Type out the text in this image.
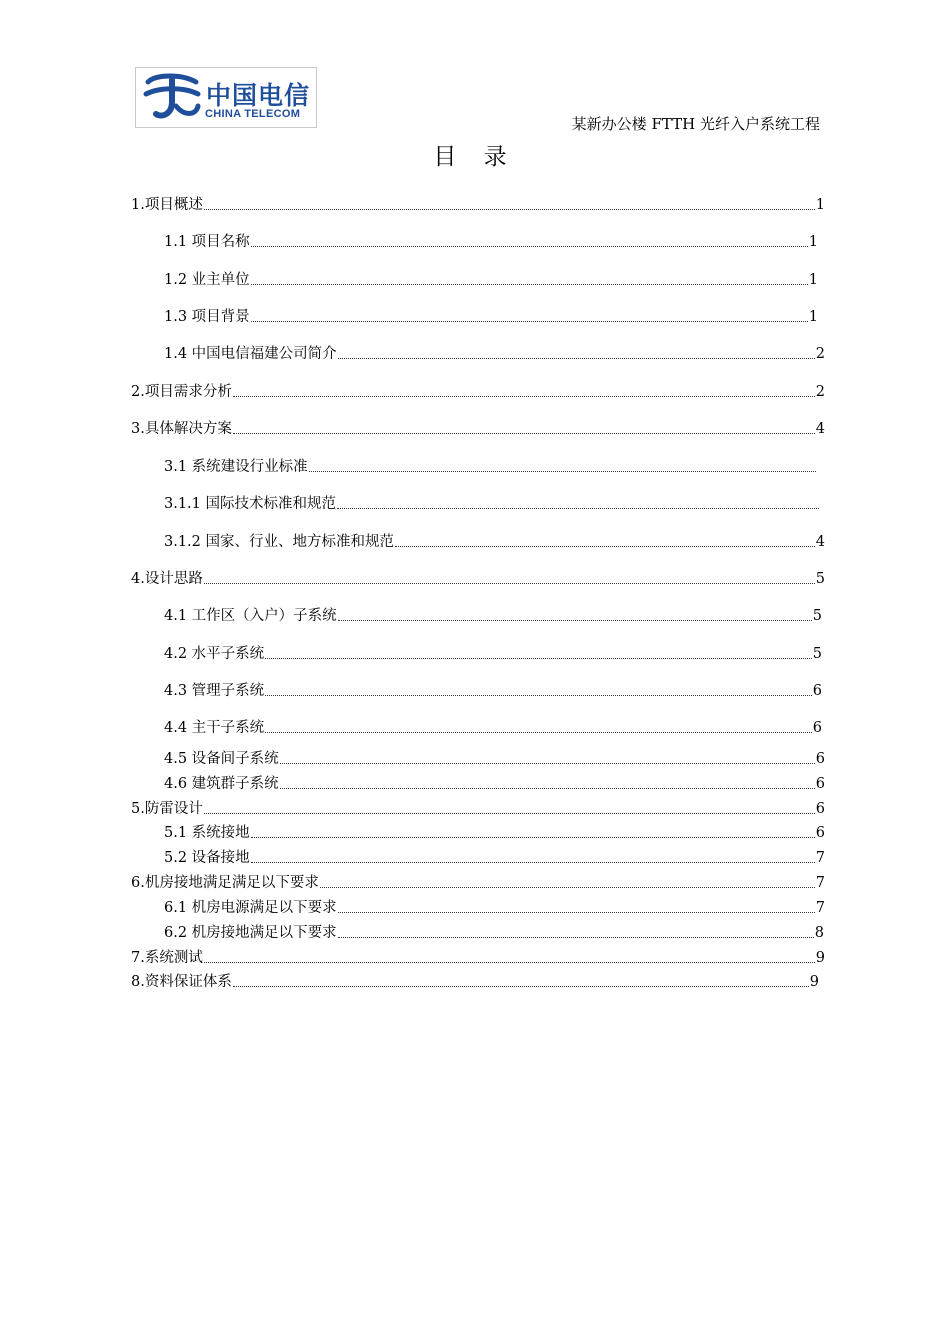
中国电信
CHINA TELECOM
某新办公楼 FTTH 光纤入户系统工程
目 录
1.项目概述	1
1.1 项目名称	1
1.2 业主单位	1
1.3 项目背景	1
1.4 中国电信福建公司简介	2
2.项目需求分析	2
3.具体解决方案	4
3.1 系统建设行业标准
3.1.1 国际技术标准和规范
3.1.2 国家、行业、地方标准和规范	4
4.设计思路	5
4.1 工作区（入户）子系统	5
4.2 水平子系统	5
4.3 管理子系统	6
4.4 主干子系统	6
4.5 设备间子系统	6
4.6 建筑群子系统	6
5.防雷设计	6
5.1 系统接地	6
5.2 设备接地	7
6.机房接地满足满足以下要求	7
6.1 机房电源满足以下要求	7
6.2 机房接地满足以下要求	8
7.系统测试	9
8.资料保证体系	9
